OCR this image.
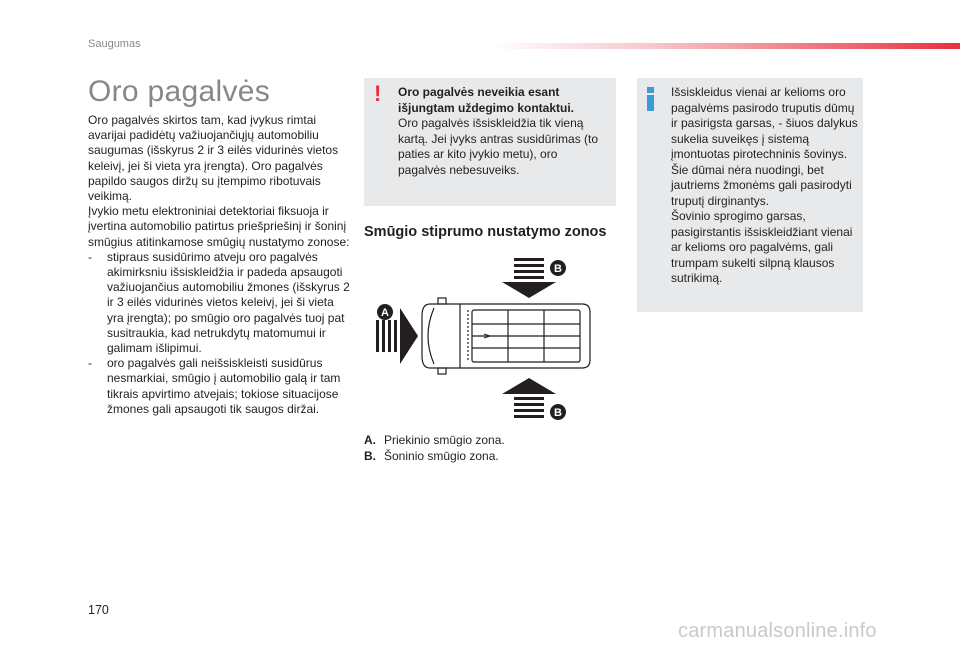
Saugumas
Oro pagalvės

Oro pagalvės skirtos tam, kad įvykus rimtai avarijai padidėtų važiuojančiųjų automobiliu saugumas (išskyrus 2 ir 3 eilės vidurinės vietos keleivį, jei ši vieta yra įrengta). Oro pagalvės papildo saugos diržų su įtempimo ribotuvais veikimą.

Įvykio metu elektroniniai detektoriai fiksuoja ir įvertina automobilio patirtus priešpriešinį ir šoninį smūgius atitinkamose smūgių nustatymo zonose:

- stipraus susidūrimo atveju oro pagalvės akimirksniu išsiskleidžia ir padeda apsaugoti važiuojančius automobiliu žmones (išskyrus 2 ir 3 eilės vidurinės vietos keleivį, jei ši vieta yra įrengta); po smūgio oro pagalvės tuoj pat susitraukia, kad netrukdytų matomumui ir galimam išlipimui.
- oro pagalvės gali neišsiskleisti susidūrus nesmarkiai, smūgio į automobilio galą ir tam tikrais apvirtimo atvejais; tokiose situacijose žmones gali apsaugoti tik saugos diržai.
! Oro pagalvės neveikia esant išjungtam uždegimo kontaktui.

Oro pagalvės išsiskleidžia tik vieną kartą. Jei įvyks antras susidūrimas (to paties ar kito įvykio metu), oro pagalvės nebesuveiks.

Išsiskleidus vienai ar kelioms oro pagalvėms pasirodo truputis dūmų ir pasirigsta garsas, - šiuos dalykus sukelia suveikęs į sistemą įmontuotas pirotechninis šovinys.

Šie dūmai nėra nuodingi, bet jautriems žmonėms gali pasirodyti truputį dirginantys.

Šovinio sprogimo garsas, pasigirstantis išsiskleidžiant vienai ar kelioms oro pagalvėms, gali trumpam sukelti silpną klausos sutrikimą.

Smūgio stiprumo nustatymo zonos
A
B
B
A. Priekinio smūgio zona.
B. Šoninio smūgio zona.
170
carmanualsonline.info
